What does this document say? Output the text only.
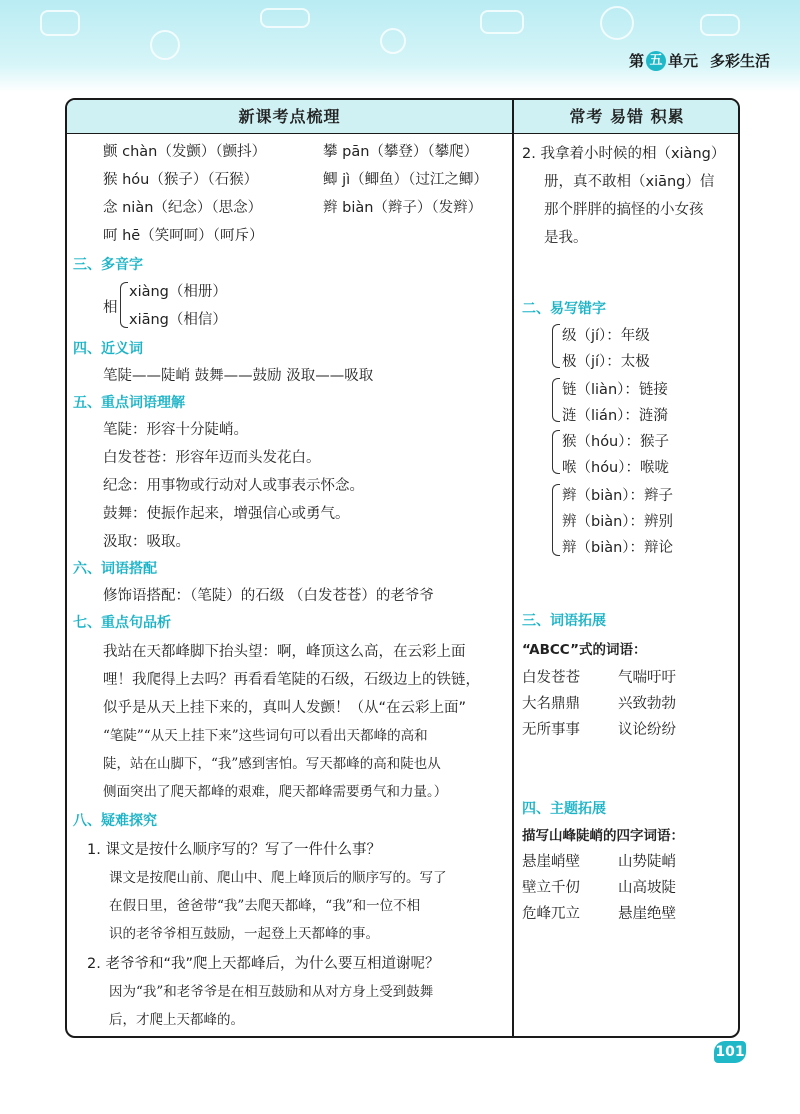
第 五 单元 多彩生活
新课考点梳理
颤 chàn（发颤）（颤抖）	攀 pān（攀登）（攀爬）
猴 hóu（猴子）（石猴）	鲫 jì（鲫鱼）（过江之鲫）
念 niàn（纪念）（思念）	辫 biàn（辫子）（发辫）
呵 hē（笑呵呵）（呵斥）
三、多音字
相
xiàng（相册）
xiāng（相信）
四、近义词
笔陡——陡峭 鼓舞——鼓励 汲取——吸取
五、重点词语理解
笔陡：形容十分陡峭。
白发苍苍：形容年迈而头发花白。
纪念：用事物或行动对人或事表示怀念。
鼓舞：使振作起来，增强信心或勇气。
汲取：吸取。
六、词语搭配
修饰语搭配：（笔陡）的石级 （白发苍苍）的老爷爷
七、重点句品析
我站在天都峰脚下抬头望：啊，峰顶这么高，在云彩上面
哩！我爬得上去吗？再看看笔陡的石级，石级边上的铁链，
似乎是从天上挂下来的，真叫人发颤！（从“在云彩上面”
“笔陡”“从天上挂下来”这些词句可以看出天都峰的高和
陡，站在山脚下，“我”感到害怕。写天都峰的高和陡也从
侧面突出了爬天都峰的艰难，爬天都峰需要勇气和力量。）
八、疑难探究
1. 课文是按什么顺序写的？写了一件什么事？
课文是按爬山前、爬山中、爬上峰顶后的顺序写的。写了
在假日里，爸爸带“我”去爬天都峰，“我”和一位不相
识的老爷爷相互鼓励，一起登上天都峰的事。
2. 老爷爷和“我”爬上天都峰后，为什么要互相道谢呢？
因为“我”和老爷爷是在相互鼓励和从对方身上受到鼓舞
后，才爬上天都峰的。
常考 易错 积累
2. 我拿着小时候的相（xiàng）
册，真不敢相（xiāng）信
那个胖胖的搞怪的小女孩
是我。
二、易写错字
级（jí）：年级
极（jí）：太极
链（liàn）：链接
涟（lián）：涟漪
猴（hóu）：猴子
喉（hóu）：喉咙
辫（biàn）：辫子
辨（biàn）：辨别
辩（biàn）：辩论
三、词语拓展
“ABCC”式的词语：
白发苍苍	气喘吁吁
大名鼎鼎	兴致勃勃
无所事事	议论纷纷
四、主题拓展
描写山峰陡峭的四字词语：
悬崖峭壁	山势陡峭
壁立千仞	山高坡陡
危峰兀立	悬崖绝壁
101
